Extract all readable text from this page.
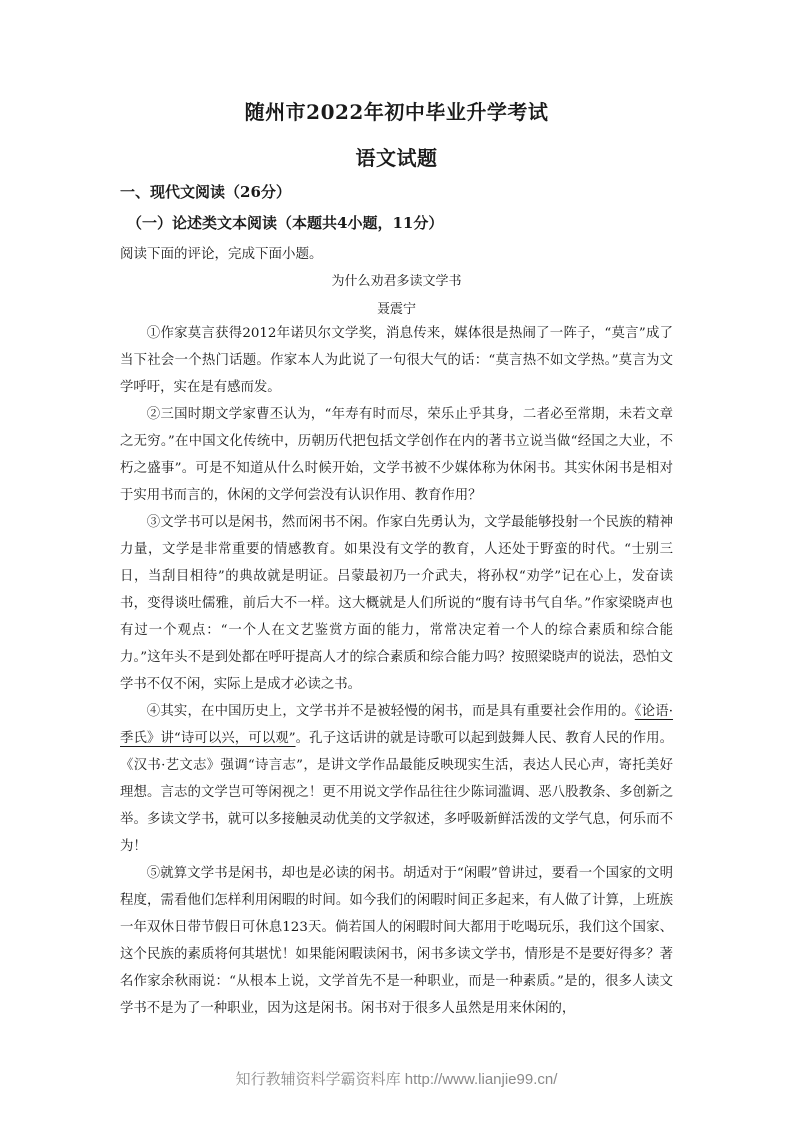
随州市2022年初中毕业升学考试
语文试题
一、现代文阅读（26分）
（一）论述类文本阅读（本题共4小题，11分）
阅读下面的评论，完成下面小题。
为什么劝君多读文学书
聂震宁

①作家莫言获得2012年诺贝尔文学奖，消息传来，媒体很是热闹了一阵子，“莫言”成了当下社会一个热门话题。作家本人为此说了一句很大气的话：“莫言热不如文学热。”莫言为文学呼吁，实在是有感而发。

②三国时期文学家曹丕认为，“年寿有时而尽，荣乐止乎其身，二者必至常期，未若文章之无穷。”在中国文化传统中，历朝历代把包括文学创作在内的著书立说当做“经国之大业，不朽之盛事”。可是不知道从什么时候开始，文学书被不少媒体称为休闲书。其实休闲书是相对于实用书而言的，休闲的文学何尝没有认识作用、教育作用？

③文学书可以是闲书，然而闲书不闲。作家白先勇认为，文学最能够投射一个民族的精神力量，文学是非常重要的情感教育。如果没有文学的教育，人还处于野蛮的时代。“士别三日，当刮目相待”的典故就是明证。吕蒙最初乃一介武夫，将孙权“劝学”记在心上，发奋读书，变得谈吐儒雅，前后大不一样。这大概就是人们所说的“腹有诗书气自华。”作家梁晓声也有过一个观点：“一个人在文艺鉴赏方面的能力，常常决定着一个人的综合素质和综合能力。”这年头不是到处都在呼吁提高人才的综合素质和综合能力吗？按照梁晓声的说法，恐怕文学书不仅不闲，实际上是成才必读之书。

④其实，在中国历史上，文学书并不是被轻慢的闲书，而是具有重要社会作用的。《论语·季氏》讲“诗可以兴，可以观”。孔子这话讲的就是诗歌可以起到鼓舞人民、教育人民的作用。《汉书·艺文志》强调“诗言志”，是讲文学作品最能反映现实生活，表达人民心声，寄托美好理想。言志的文学岂可等闲视之！更不用说文学作品往往少陈词滥调、恶八股教条、多创新之举。多读文学书，就可以多接触灵动优美的文学叙述，多呼吸新鲜活泼的文学气息，何乐而不为！

⑤就算文学书是闲书，却也是必读的闲书。胡适对于“闲暇”曾讲过，要看一个国家的文明程度，需看他们怎样利用闲暇的时间。如今我们的闲暇时间正多起来，有人做了计算，上班族一年双休日带节假日可休息123天。倘若国人的闲暇时间大都用于吃喝玩乐，我们这个国家、这个民族的素质将何其堪忧！如果能闲暇读闲书，闲书多读文学书，情形是不是要好得多？著名作家余秋雨说：“从根本上说，文学首先不是一种职业，而是一种素质。”是的，很多人读文学书不是为了一种职业，因为这是闲书。闲书对于很多人虽然是用来休闲的，

知行教辅资料学霸资料库 http://www.lianjie99.cn/
